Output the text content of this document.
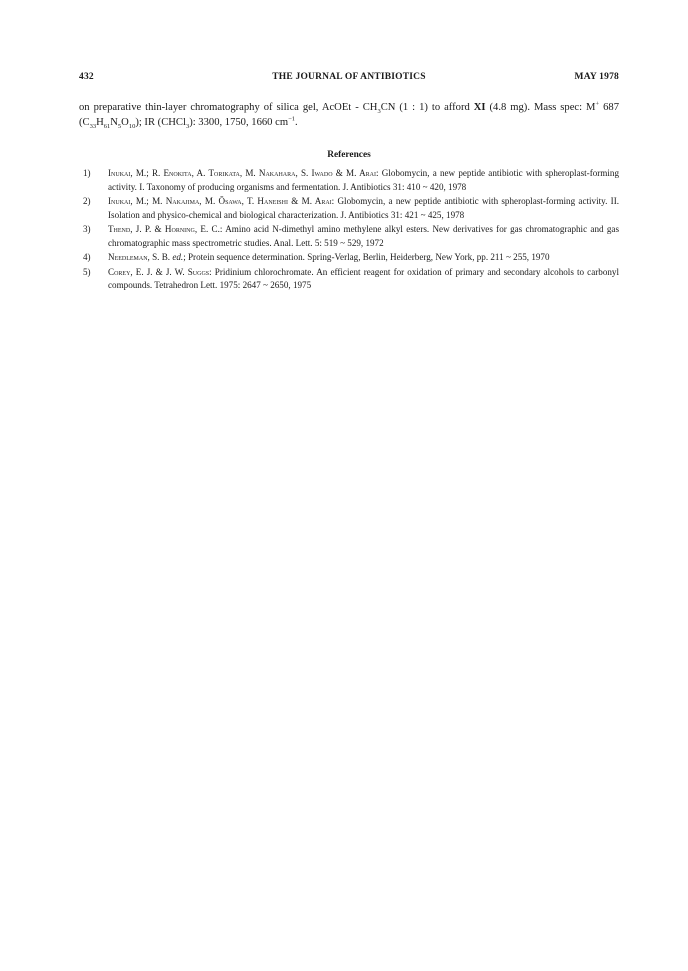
432	THE JOURNAL OF ANTIBIOTICS	MAY 1978

on preparative thin-layer chromatography of silica gel, AcOEt - $CH_3CN$ (1 : 1) to afford XI (4.8 mg). Mass spec: M+ 687 $(C_{33}H_{61}N_5O_{10})$; IR (CHCl$_3$): 3300, 1750, 1660 $cm^{-1}$.

References
1) Inukai, M.; R. Enokita, A. Torikata, M. Nakahara, S. Iwado & M. Arai: Globomycin, a new peptide antibiotic with spheroplast-forming activity. I. Taxonomy of producing organisms and fermentation. J. Antibiotics 31: 410 ~ 420, 1978
2) Inukai, M.; M. Nakajima, M. Ōsawa, T. Haneishi & M. Arai: Globomycin, a new peptide antibiotic with spheroplast-forming activity. II. Isolation and physico-chemical and biological characterization. J. Antibiotics 31: 421 ~ 425, 1978
3) Thend, J. P. & Horning, E. C.: Amino acid N-dimethyl amino methylene alkyl esters. New derivatives for gas chromatographic and gas chromatographic mass spectrometric studies. Anal. Lett. 5: 519 ~ 529, 1972
4) Needleman, S. B. ed.; Protein sequence determination. Spring-Verlag, Berlin, Heiderberg, New York, pp. 211 ~ 255, 1970
5) Corey, E. J. & J. W. Suggs: Pridinium chlorochromate. An efficient reagent for oxidation of primary and secondary alcohols to carbonyl compounds. Tetrahedron Lett. 1975: 2647 ~ 2650, 1975
